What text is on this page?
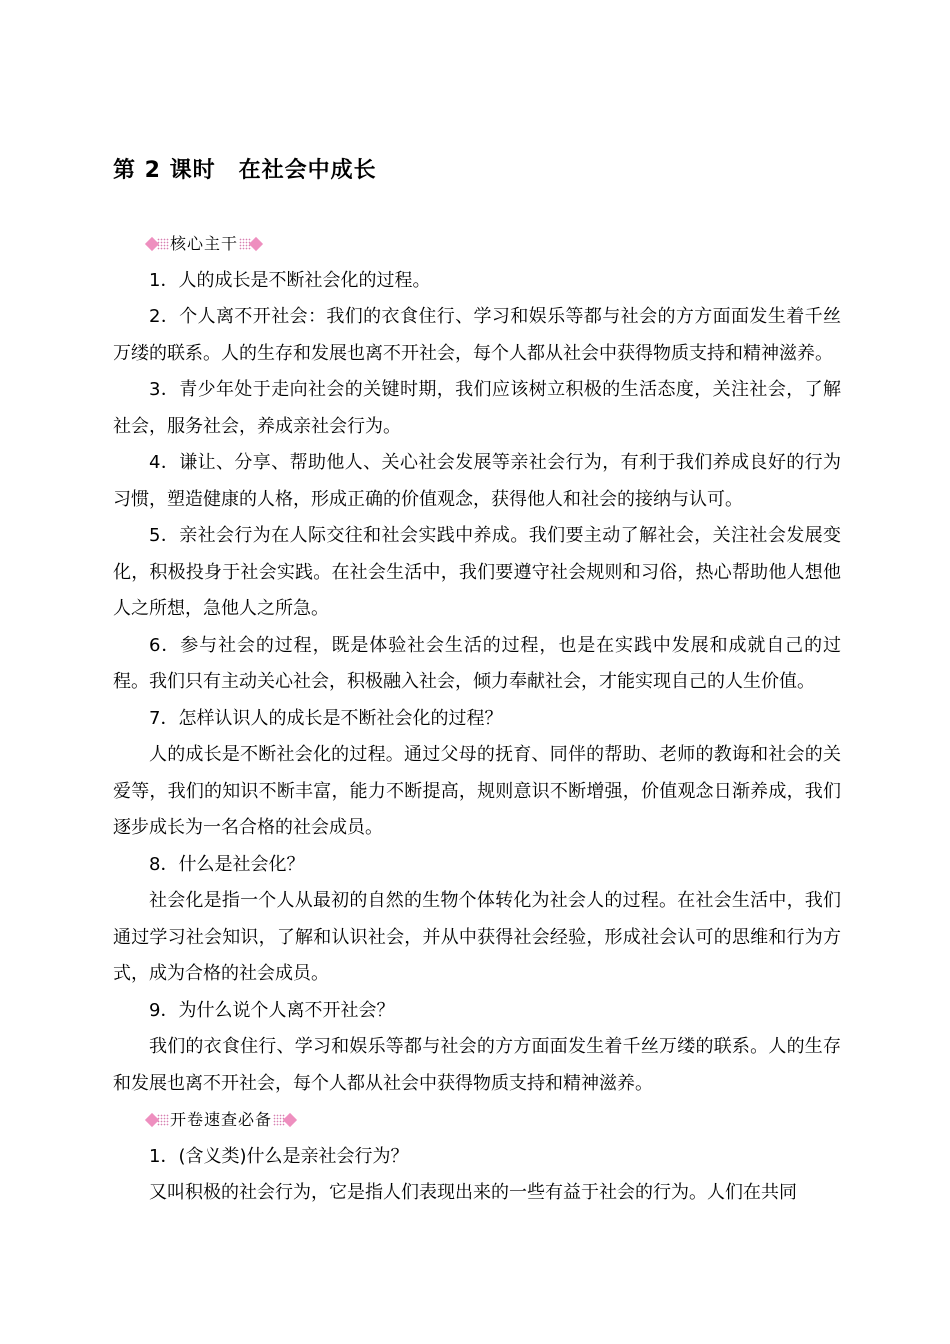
第 2 课时　在社会中成长
核心主干

1．人的成长是不断社会化的过程。

2．个人离不开社会：我们的衣食住行、学习和娱乐等都与社会的方方面面发生着千丝万缕的联系。人的生存和发展也离不开社会，每个人都从社会中获得物质支持和精神滋养。

3．青少年处于走向社会的关键时期，我们应该树立积极的生活态度，关注社会，了解社会，服务社会，养成亲社会行为。

4．谦让、分享、帮助他人、关心社会发展等亲社会行为，有利于我们养成良好的行为习惯，塑造健康的人格，形成正确的价值观念，获得他人和社会的接纳与认可。

5．亲社会行为在人际交往和社会实践中养成。我们要主动了解社会，关注社会发展变化，积极投身于社会实践。在社会生活中，我们要遵守社会规则和习俗，热心帮助他人想他人之所想，急他人之所急。

6．参与社会的过程，既是体验社会生活的过程，也是在实践中发展和成就自己的过程。我们只有主动关心社会，积极融入社会，倾力奉献社会，才能实现自己的人生价值。

7．怎样认识人的成长是不断社会化的过程？

人的成长是不断社会化的过程。通过父母的抚育、同伴的帮助、老师的教诲和社会的关爱等，我们的知识不断丰富，能力不断提高，规则意识不断增强，价值观念日渐养成，我们逐步成长为一名合格的社会成员。

8．什么是社会化？

社会化是指一个人从最初的自然的生物个体转化为社会人的过程。在社会生活中，我们通过学习社会知识，了解和认识社会，并从中获得社会经验，形成社会认可的思维和行为方式，成为合格的社会成员。

9．为什么说个人离不开社会？

我们的衣食住行、学习和娱乐等都与社会的方方面面发生着千丝万缕的联系。人的生存和发展也离不开社会，每个人都从社会中获得物质支持和精神滋养。

开卷速查必备

1．(含义类)什么是亲社会行为？

又叫积极的社会行为，它是指人们表现出来的一些有益于社会的行为。人们在共同
